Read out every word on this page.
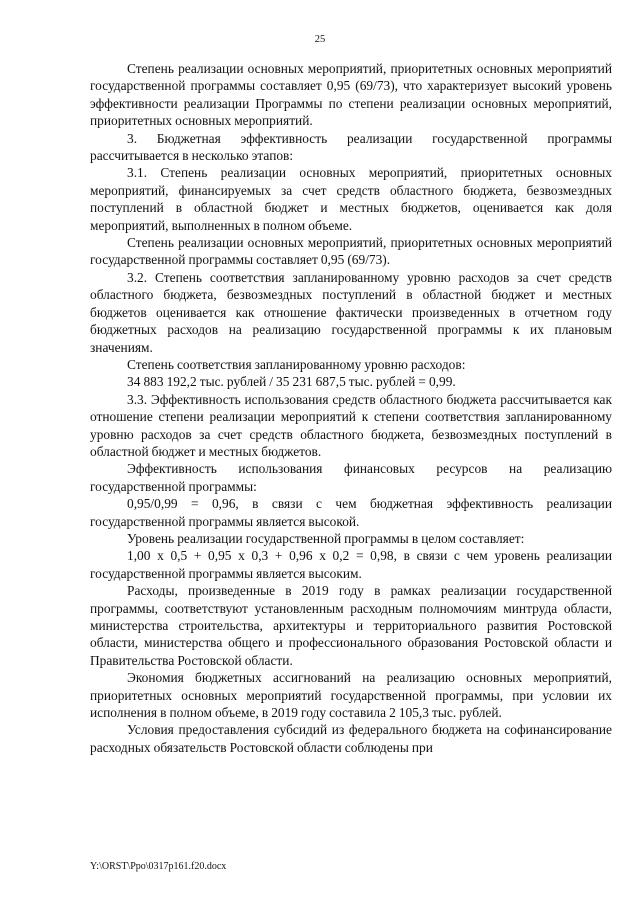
25

Степень реализации основных мероприятий, приоритетных основных мероприятий государственной программы составляет 0,95 (69/73), что характеризует высокий уровень эффективности реализации Программы по степени реализации основных мероприятий, приоритетных основных мероприятий.

3. Бюджетная эффективность реализации государственной программы рассчитывается в несколько этапов:

3.1. Степень реализации основных мероприятий, приоритетных основных мероприятий, финансируемых за счет средств областного бюджета, безвозмездных поступлений в областной бюджет и местных бюджетов, оценивается как доля мероприятий, выполненных в полном объеме.

Степень реализации основных мероприятий, приоритетных основных мероприятий государственной программы составляет 0,95 (69/73).

3.2. Степень соответствия запланированному уровню расходов за счет средств областного бюджета, безвозмездных поступлений в областной бюджет и местных бюджетов оценивается как отношение фактически произведенных в отчетном году бюджетных расходов на реализацию государственной программы к их плановым значениям.

Степень соответствия запланированному уровню расходов:

34 883 192,2 тыс. рублей / 35 231 687,5 тыс. рублей = 0,99.

3.3. Эффективность использования средств областного бюджета рассчитывается как отношение степени реализации мероприятий к степени соответствия запланированному уровню расходов за счет средств областного бюджета, безвозмездных поступлений в областной бюджет и местных бюджетов.

Эффективность использования финансовых ресурсов на реализацию государственной программы:

0,95/0,99 = 0,96, в связи с чем бюджетная эффективность реализации государственной программы является высокой.

Уровень реализации государственной программы в целом составляет:

1,00 x 0,5 + 0,95 x 0,3 + 0,96 x 0,2 = 0,98, в связи с чем уровень реализации государственной программы является высоким.

Расходы, произведенные в 2019 году в рамках реализации государственной программы, соответствуют установленным расходным полномочиям минтруда области, министерства строительства, архитектуры и территориального развития Ростовской области, министерства общего и профессионального образования Ростовской области и Правительства Ростовской области.

Экономия бюджетных ассигнований на реализацию основных мероприятий, приоритетных основных мероприятий государственной программы, при условии их исполнения в полном объеме, в 2019 году составила 2 105,3 тыс. рублей.

Условия предоставления субсидий из федерального бюджета на софинансирование расходных обязательств Ростовской области соблюдены при

Y:\ORST\Ppo\0317p161.f20.docx
